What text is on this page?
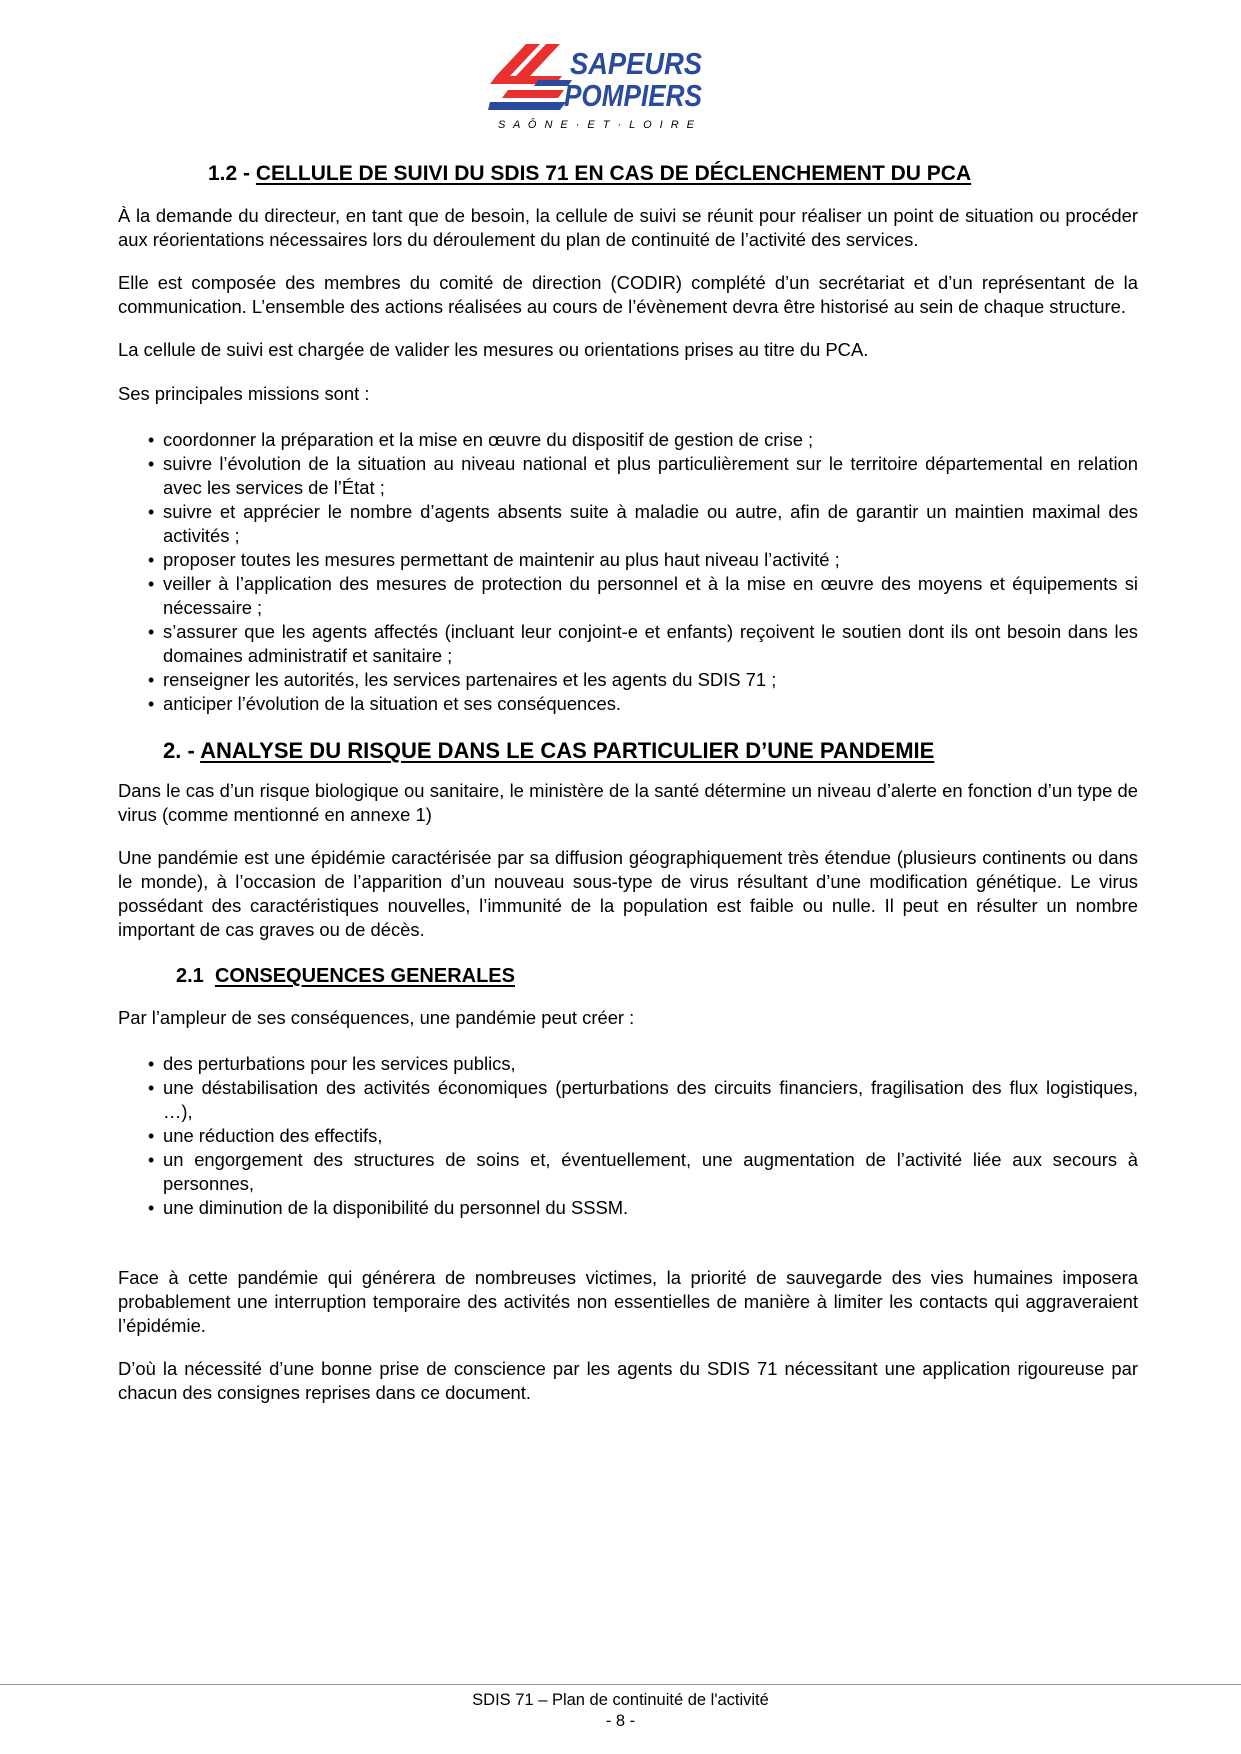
SAPEURS
POMPIERS
S A Ô N E · E T · L O I R E
1.2 - CELLULE DE SUIVI DU SDIS 71 EN CAS DE DÉCLENCHEMENT DU PCA

À la demande du directeur, en tant que de besoin, la cellule de suivi se réunit pour réaliser un point de situation ou procéder aux réorientations nécessaires lors du déroulement du plan de continuité de l’activité des services.

Elle est composée des membres du comité de direction (CODIR) complété d’un secrétariat et d’un représentant de la communication. L’ensemble des actions réalisées au cours de l’évènement devra être historisé au sein de chaque structure.

La cellule de suivi est chargée de valider les mesures ou orientations prises au titre du PCA.

Ses principales missions sont :

• coordonner la préparation et la mise en œuvre du dispositif de gestion de crise ;
• suivre l’évolution de la situation au niveau national et plus particulièrement sur le territoire départemental en relation avec les services de l’État ;
• suivre et apprécier le nombre d’agents absents suite à maladie ou autre, afin de garantir un maintien maximal des activités ;
• proposer toutes les mesures permettant de maintenir au plus haut niveau l’activité ;
• veiller à l’application des mesures de protection du personnel et à la mise en œuvre des moyens et équipements si nécessaire ;
• s’assurer que les agents affectés (incluant leur conjoint-e et enfants) reçoivent le soutien dont ils ont besoin dans les domaines administratif et sanitaire ;
• renseigner les autorités, les services partenaires et les agents du SDIS 71 ;
• anticiper l’évolution de la situation et ses conséquences.
2. - ANALYSE DU RISQUE DANS LE CAS PARTICULIER D’UNE PANDEMIE

Dans le cas d’un risque biologique ou sanitaire, le ministère de la santé détermine un niveau d’alerte en fonction d’un type de virus (comme mentionné en annexe 1)

Une pandémie est une épidémie caractérisée par sa diffusion géographiquement très étendue (plusieurs continents ou dans le monde), à l’occasion de l’apparition d’un nouveau sous-type de virus résultant d’une modification génétique. Le virus possédant des caractéristiques nouvelles, l’immunité de la population est faible ou nulle. Il peut en résulter un nombre important de cas graves ou de décès.

2.1 CONSEQUENCES GENERALES

Par l’ampleur de ses conséquences, une pandémie peut créer :

• des perturbations pour les services publics,
• une déstabilisation des activités économiques (perturbations des circuits financiers, fragilisation des flux logistiques, …),
• une réduction des effectifs,
• un engorgement des structures de soins et, éventuellement, une augmentation de l’activité liée aux secours à personnes,
• une diminution de la disponibilité du personnel du SSSM.

Face à cette pandémie qui générera de nombreuses victimes, la priorité de sauvegarde des vies humaines imposera probablement une interruption temporaire des activités non essentielles de manière à limiter les contacts qui aggraveraient l’épidémie.

D’où la nécessité d’une bonne prise de conscience par les agents du SDIS 71 nécessitant une application rigoureuse par chacun des consignes reprises dans ce document.

SDIS 71 – Plan de continuité de l'activité
- 8 -
